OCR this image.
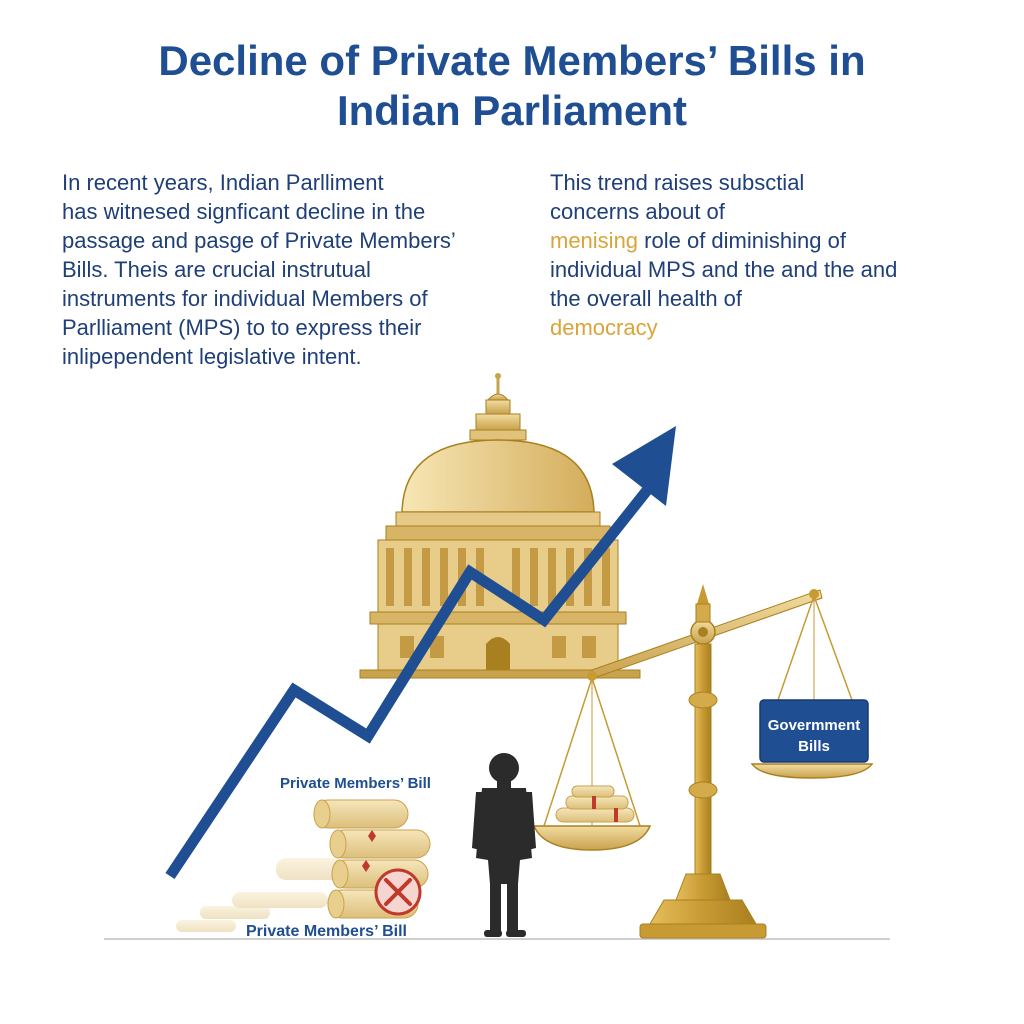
Decline of Private Members’ Bills in
Indian Parliament
In recent years, Indian Parlliment
has witnesed signficant decline in the
passage and pasge of Private Members’
Bills. Theis are crucial instrutual
instruments for individual Members of
Parlliament (MPS) to to express their
inlipependent legislative intent.
This trend raises subsctial
concerns about of
menising role of diminishing of
individual MPS and the and the and
the overall health of
democracy
Govermment
Bills
Private Members’ Bill
Private Members’ Bill
